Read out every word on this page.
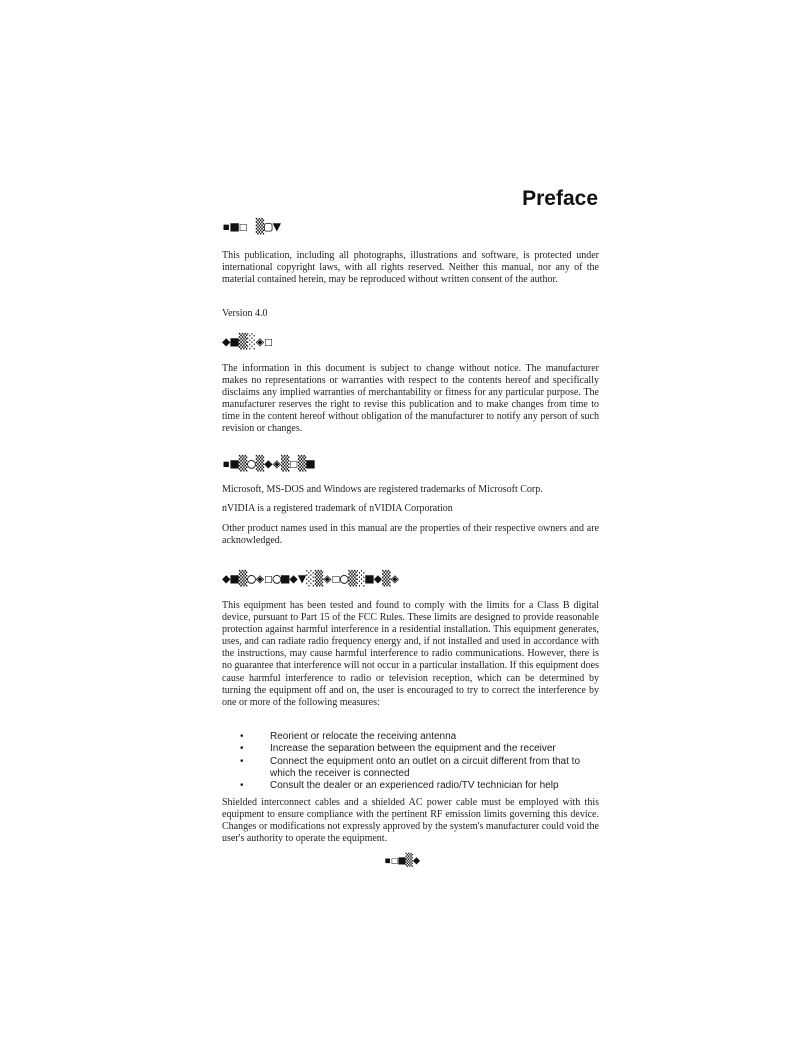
Preface
▪■☐ ▒▢▼

This publication, including all photographs, illustrations and software, is protected under international copyright laws, with all rights reserved. Neither this manual, nor any of the material contained herein, may be reproduced without written consent of the author.

Version 4.0

◆■▒░◈☐

The information in this document is subject to change without notice. The manufacturer makes no representations or warranties with respect to the contents hereof and specifically disclaims any implied warranties of merchantability or fitness for any particular purpose. The manufacturer reserves the right to revise this publication and to make changes from time to time in the content hereof without obligation of the manufacturer to notify any person of such revision or changes.

▪■▒◯▒◆◈▒☐▒■

Microsoft, MS-DOS and Windows are registered trademarks of Microsoft Corp.

nVIDIA is a registered trademark of nVIDIA Corporation

Other product names used in this manual are the properties of their respective owners and are acknowledged.

◆■▒◯◈☐◯■◆▼░▒◈☐◯▒░■◆▒◈

This equipment has been tested and found to comply with the limits for a Class B digital device, pursuant to Part 15 of the FCC Rules. These limits are designed to provide reasonable protection against harmful interference in a residential installation. This equipment generates, uses, and can radiate radio frequency energy and, if not installed and used in accordance with the instructions, may cause harmful interference to radio communications. However, there is no guarantee that interference will not occur in a particular installation. If this equipment does cause harmful interference to radio or television reception, which can be determined by turning the equipment off and on, the user is encouraged to try to correct the interference by one or more of the following measures:

•	Reorient or relocate the receiving antenna
•	Increase the separation between the equipment and the receiver
•	Connect the equipment onto an outlet on a circuit different from that to which the receiver is connected
•	Consult the dealer or an experienced radio/TV technician for help

Shielded interconnect cables and a shielded AC power cable must be employed with this equipment to ensure compliance with the pertinent RF emission limits governing this device. Changes or modifications not expressly approved by the system's manufacturer could void the user's authority to operate the equipment.

▪☐■▒◆
